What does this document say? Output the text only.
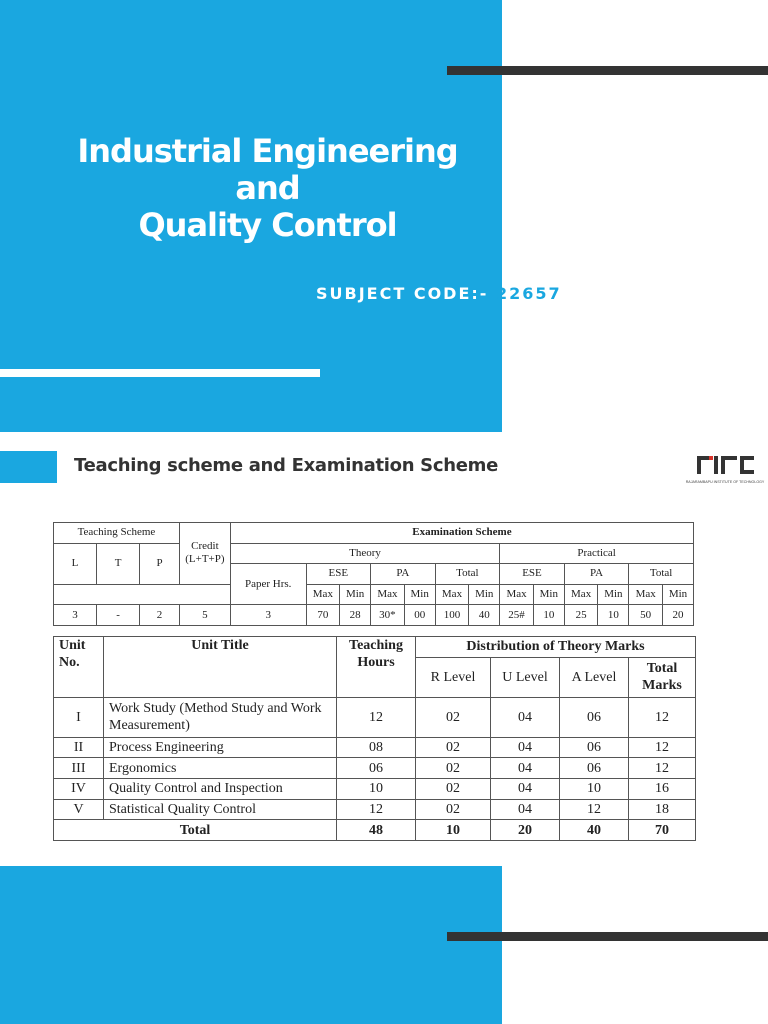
Industrial Engineering
and
Quality Control
SUBJECT CODE:- 22657
Teaching scheme and Examination Scheme
RAJARAMBAPU INSTITUTE OF TECHNOLOGY
Teaching Scheme			Credit (L+T+P)	Examination Scheme												
L	T	P		Theory							Practical					
				Paper Hrs.	ESE		PA		Total		ESE		PA		Total	
					Max	Min	Max	Min	Max	Min	Max	Min	Max	Min	Max	Min
3	-	2	5	3	70	28	30*	00	100	40	25#	10	25	10	50	20
Unit No.	Unit Title	Teaching Hours	Distribution of Theory Marks			
			R Level	U Level	A Level	Total Marks
I	Work Study (Method Study and Work Measurement)	12	02	04	06	12
II	Process Engineering	08	02	04	06	12
III	Ergonomics	06	02	04	06	12
IV	Quality Control and Inspection	10	02	04	10	16
V	Statistical Quality Control	12	02	04	12	18
Total		48	10	20	40	70
